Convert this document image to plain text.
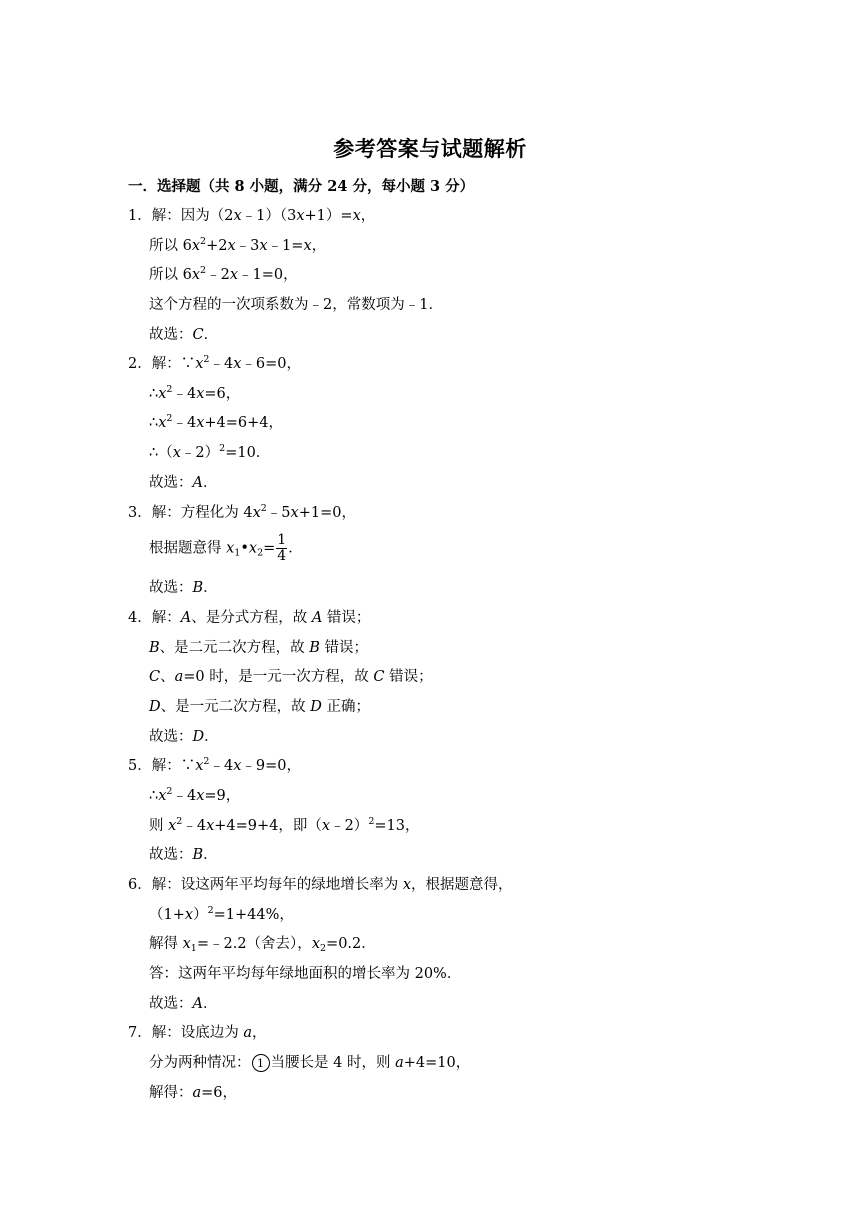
参考答案与试题解析
一．选择题（共 8 小题，满分 24 分，每小题 3 分）
1．解：因为（2x﹣1）（3x+1）=x，
所以 $6x^2+2x﹣3x﹣1=x$，
所以 $6x^2﹣2x﹣1=0$，
这个方程的一次项系数为﹣2，常数项为﹣1．
故选：C．
2．解：$\because x^2﹣4x﹣6=0$，
$\therefore x^2﹣4x=6$，
$\therefore x^2﹣4x+4=6+4$，
∴（x﹣2）$^2$=10．
故选：A．
3．解：方程化为 $4x^2﹣5x+1=0$，
根据题意得 $x_1•x_2= \frac{1}{4}$ ．
故选：B．
4．解：A、是分式方程，故 A 错误；
B、是二元二次方程，故 B 错误；
C、a=0 时，是一元一次方程，故 C 错误；
D、是一元二次方程，故 D 正确；
故选：D．
5．解：$\because x^2﹣4x﹣9=0$，
$\therefore x^2﹣4x=9$，
则 $x^2﹣4x+4=9+4$，即（x﹣2）$^2$=13，
故选：B．
6．解：设这两年平均每年的绿地增长率为 x，根据题意得，
$(1+x)^2=1+44\%$，
解得 $x_1=﹣2.2$（舍去），$x_2=0.2$．
答：这两年平均每年绿地面积的增长率为 20%．
故选：A．
7．解：设底边为 a，
分为两种情况： 1 当腰长是 4 时，则 a+4=10，
解得：a=6，
